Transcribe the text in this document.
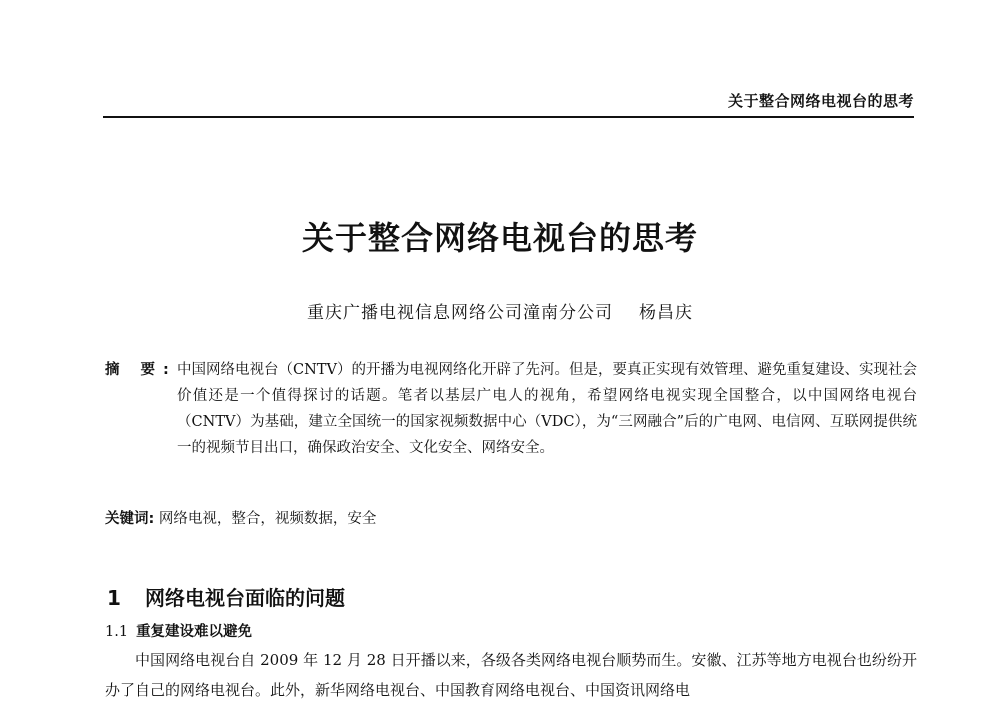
关于整合网络电视台的思考
关于整合网络电视台的思考
重庆广播电视信息网络公司潼南分公司 杨昌庆
摘 要: 中国网络电视台（CNTV）的开播为电视网络化开辟了先河。但是，要真正实现有效管理、避免重复建设、实现社会价值还是一个值得探讨的话题。笔者以基层广电人的视角，希望网络电视实现全国整合，以中国网络电视台（CNTV）为基础，建立全国统一的国家视频数据中心（VDC），为“三网融合”后的广电网、电信网、互联网提供统一的视频节目出口，确保政治安全、文化安全、网络安全。
关键词: 网络电视，整合，视频数据，安全
1 网络电视台面临的问题
1.1 重复建设难以避免
中国网络电视台自 2009 年 12 月 28 日开播以来，各级各类网络电视台顺势而生。安徽、江苏等地方电视台也纷纷开办了自己的网络电视台。此外，新华网络电视台、中国教育网络电视台、中国资讯网络电
